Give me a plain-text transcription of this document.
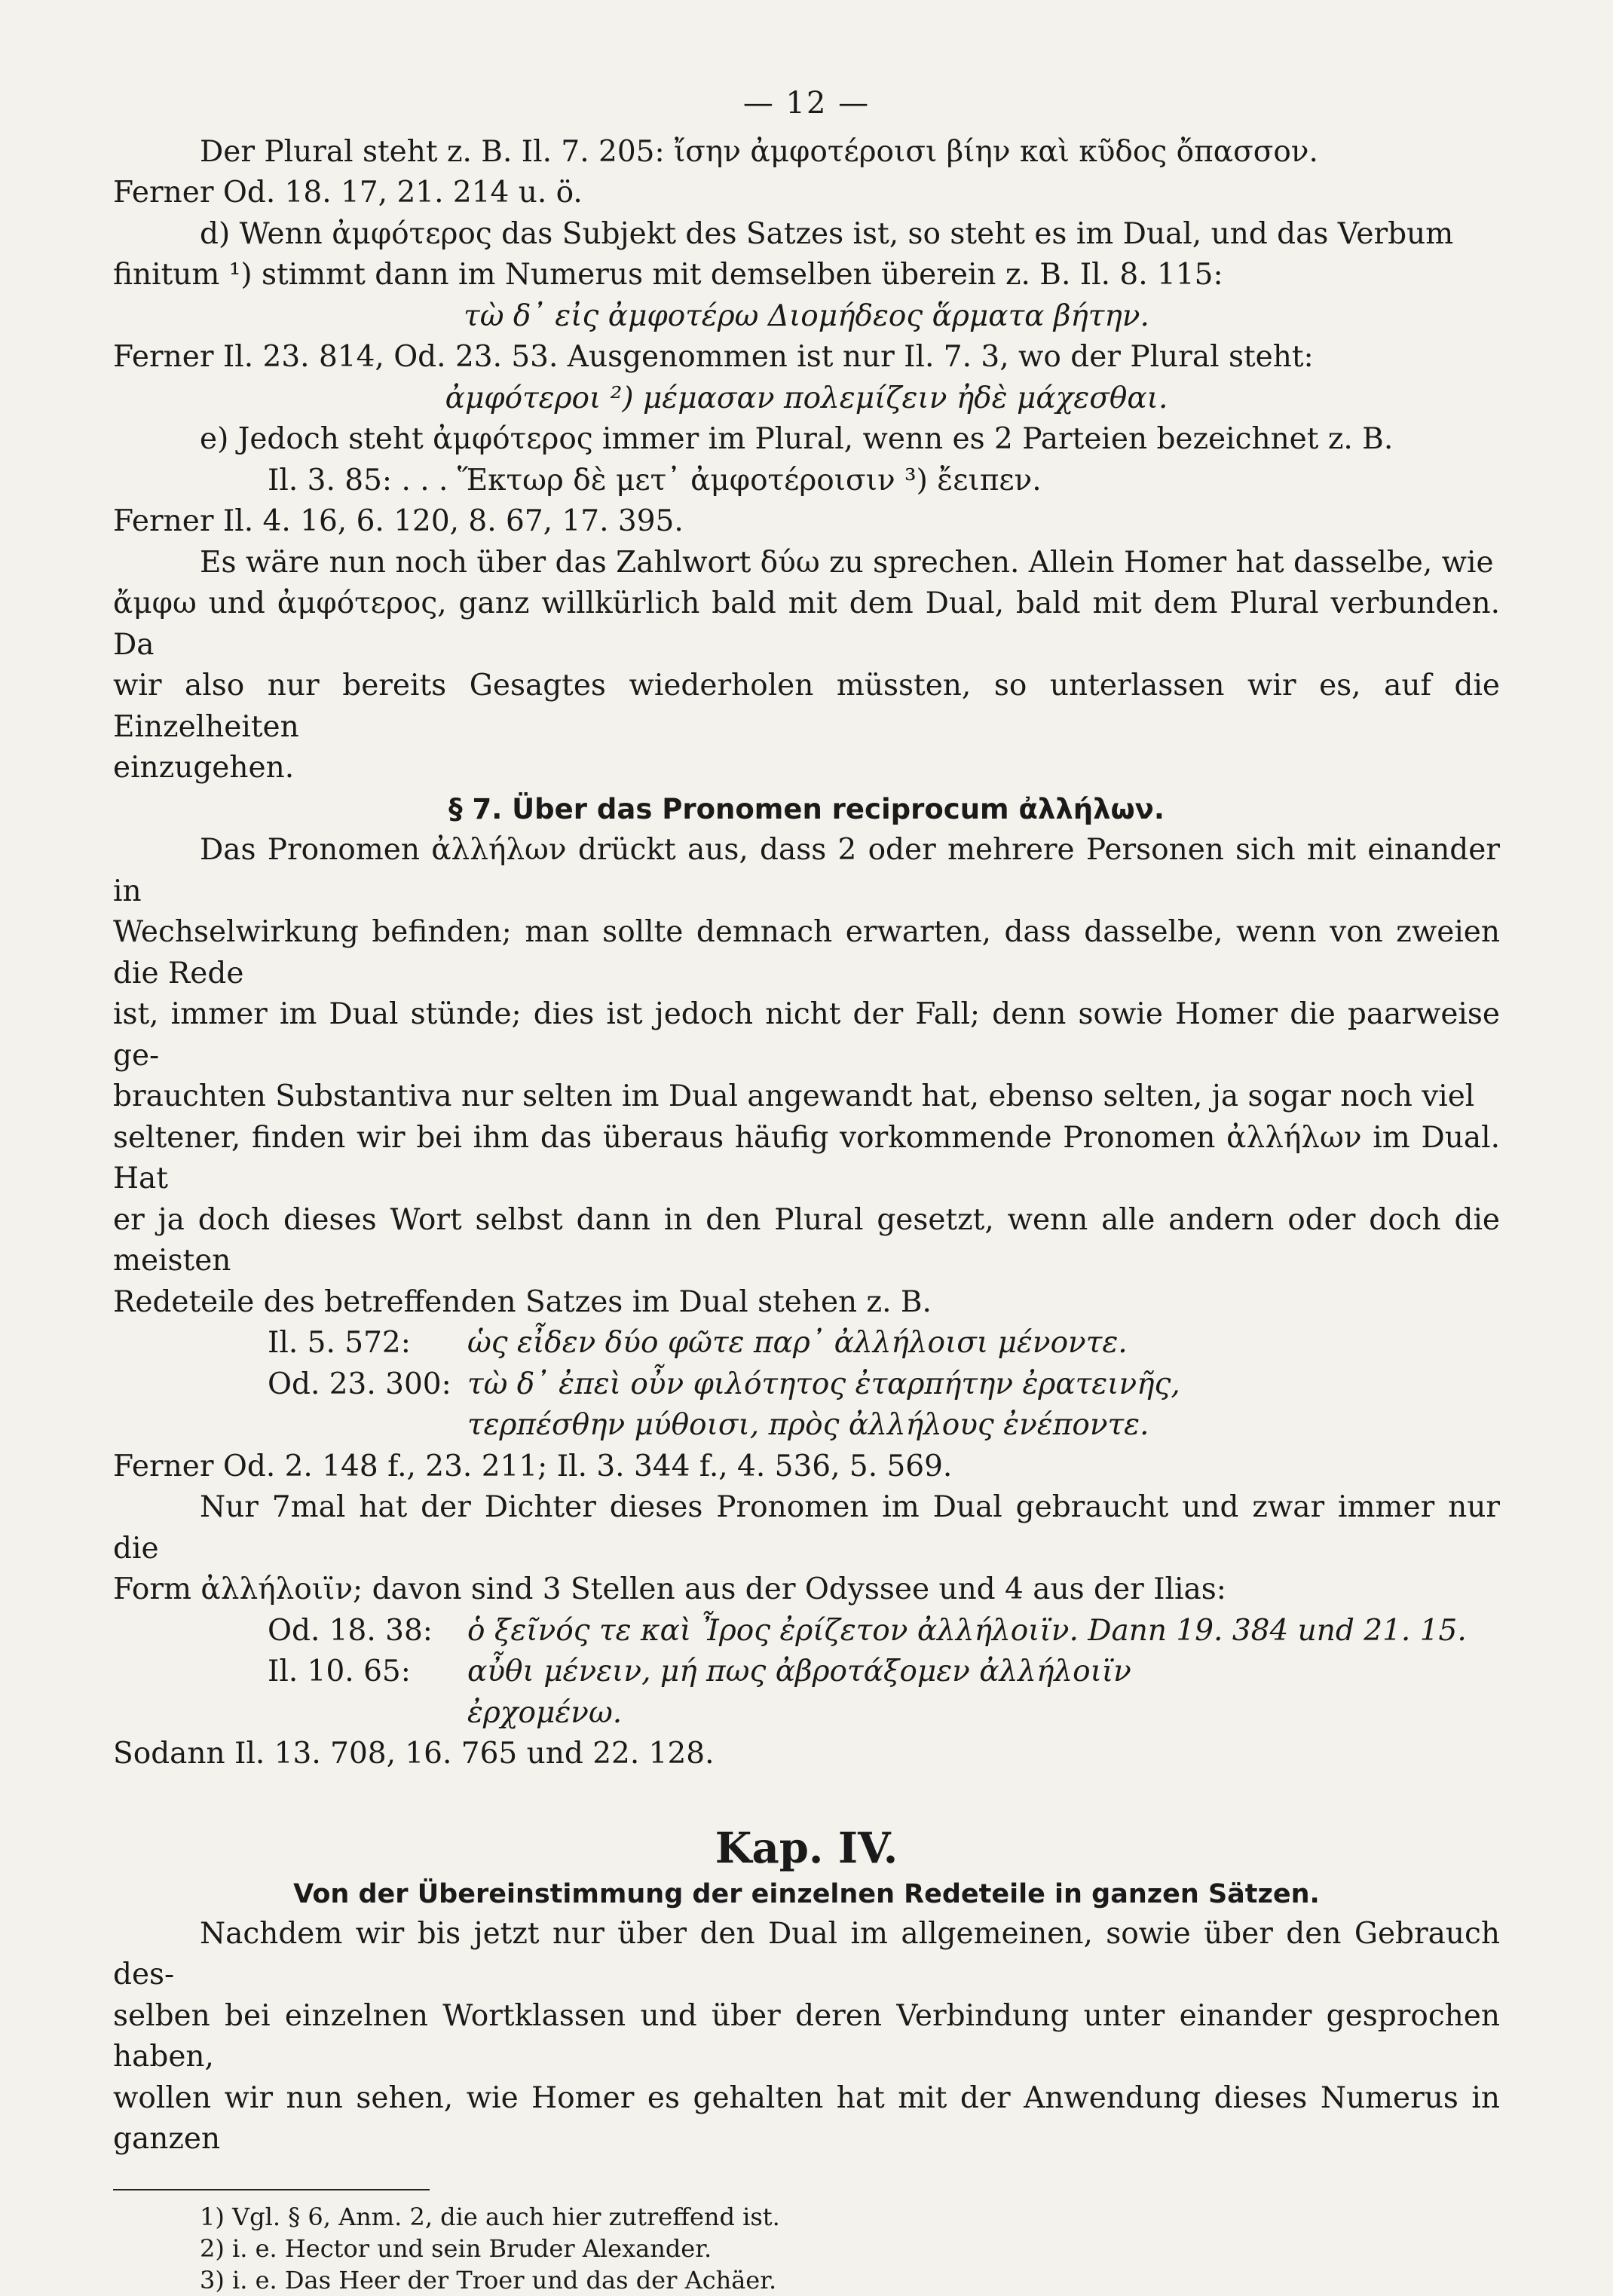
— 12 —

Der Plural steht z. B. Il. 7. 205: ἴσην ἀμφοτέροισι βίην καὶ κῦδος ὄπασσον.

Ferner Od. 18. 17, 21. 214 u. ö.

d) Wenn ἀμφότερος das Subjekt des Satzes ist, so steht es im Dual, und das Verbum

finitum ¹) stimmt dann im Numerus mit demselben überein z. B. Il. 8. 115:

τὼ δ᾽ εἰς ἀμφοτέρω Διομήδεος ἅρματα βήτην.

Ferner Il. 23. 814, Od. 23. 53. Ausgenommen ist nur Il. 7. 3, wo der Plural steht:

ἀμφότεροι ²) μέμασαν πολεμίζειν ἠδὲ μάχεσθαι.

e) Jedoch steht ἀμφότερος immer im Plural, wenn es 2 Parteien bezeichnet z. B.

Il. 3. 85: . . . Ἕκτωρ δὲ μετ᾽ ἀμφοτέροισιν ³) ἔειπεν.

Ferner Il. 4. 16, 6. 120, 8. 67, 17. 395.

Es wäre nun noch über das Zahlwort δύω zu sprechen. Allein Homer hat dasselbe, wie

ἄμφω und ἀμφότερος, ganz willkürlich bald mit dem Dual, bald mit dem Plural verbunden. Da

wir also nur bereits Gesagtes wiederholen müssten, so unterlassen wir es, auf die Einzelheiten

einzugehen.

§ 7. Über das Pronomen reciprocum ἀλλήλων.

Das Pronomen ἀλλήλων drückt aus, dass 2 oder mehrere Personen sich mit einander in

Wechselwirkung befinden; man sollte demnach erwarten, dass dasselbe, wenn von zweien die Rede

ist, immer im Dual stünde; dies ist jedoch nicht der Fall; denn sowie Homer die paarweise ge-

brauchten Substantiva nur selten im Dual angewandt hat, ebenso selten, ja sogar noch viel

seltener, finden wir bei ihm das überaus häufig vorkommende Pronomen ἀλλήλων im Dual. Hat

er ja doch dieses Wort selbst dann in den Plural gesetzt, wenn alle andern oder doch die meisten

Redeteile des betreffenden Satzes im Dual stehen z. B.

Il. 5. 572:	ὡς εἶδεν δύο φῶτε παρ᾽ ἀλλήλοισι μένοντε.
Od. 23. 300: τὼ δ᾽ ἐπεὶ οὖν φιλότητος ἐταρπήτην ἐρατεινῆς,
τερπέσθην μύθοισι, πρὸς ἀλλήλους ἐνέποντε.

Ferner Od. 2. 148 f., 23. 211; Il. 3. 344 f., 4. 536, 5. 569.

Nur 7mal hat der Dichter dieses Pronomen im Dual gebraucht und zwar immer nur die

Form ἀλλήλοιϊν; davon sind 3 Stellen aus der Odyssee und 4 aus der Ilias:

Od. 18. 38:	ὁ ξεῖνός τε καὶ Ἶρος ἐρίζετον ἀλλήλοιϊν. Dann 19. 384 und 21. 15.
Il. 10. 65:	αὖθι μένειν, μή πως ἀβροτάξομεν ἀλλήλοιϊν
ἐρχομένω.

Sodann Il. 13. 708, 16. 765 und 22. 128.

Kap. IV.
Von der Übereinstimmung der einzelnen Redeteile in ganzen Sätzen.

Nachdem wir bis jetzt nur über den Dual im allgemeinen, sowie über den Gebrauch des-

selben bei einzelnen Wortklassen und über deren Verbindung unter einander gesprochen haben,

wollen wir nun sehen, wie Homer es gehalten hat mit der Anwendung dieses Numerus in ganzen

1) Vgl. § 6, Anm. 2, die auch hier zutreffend ist.
2) i. e. Hector und sein Bruder Alexander.
3) i. e. Das Heer der Troer und das der Achäer.
